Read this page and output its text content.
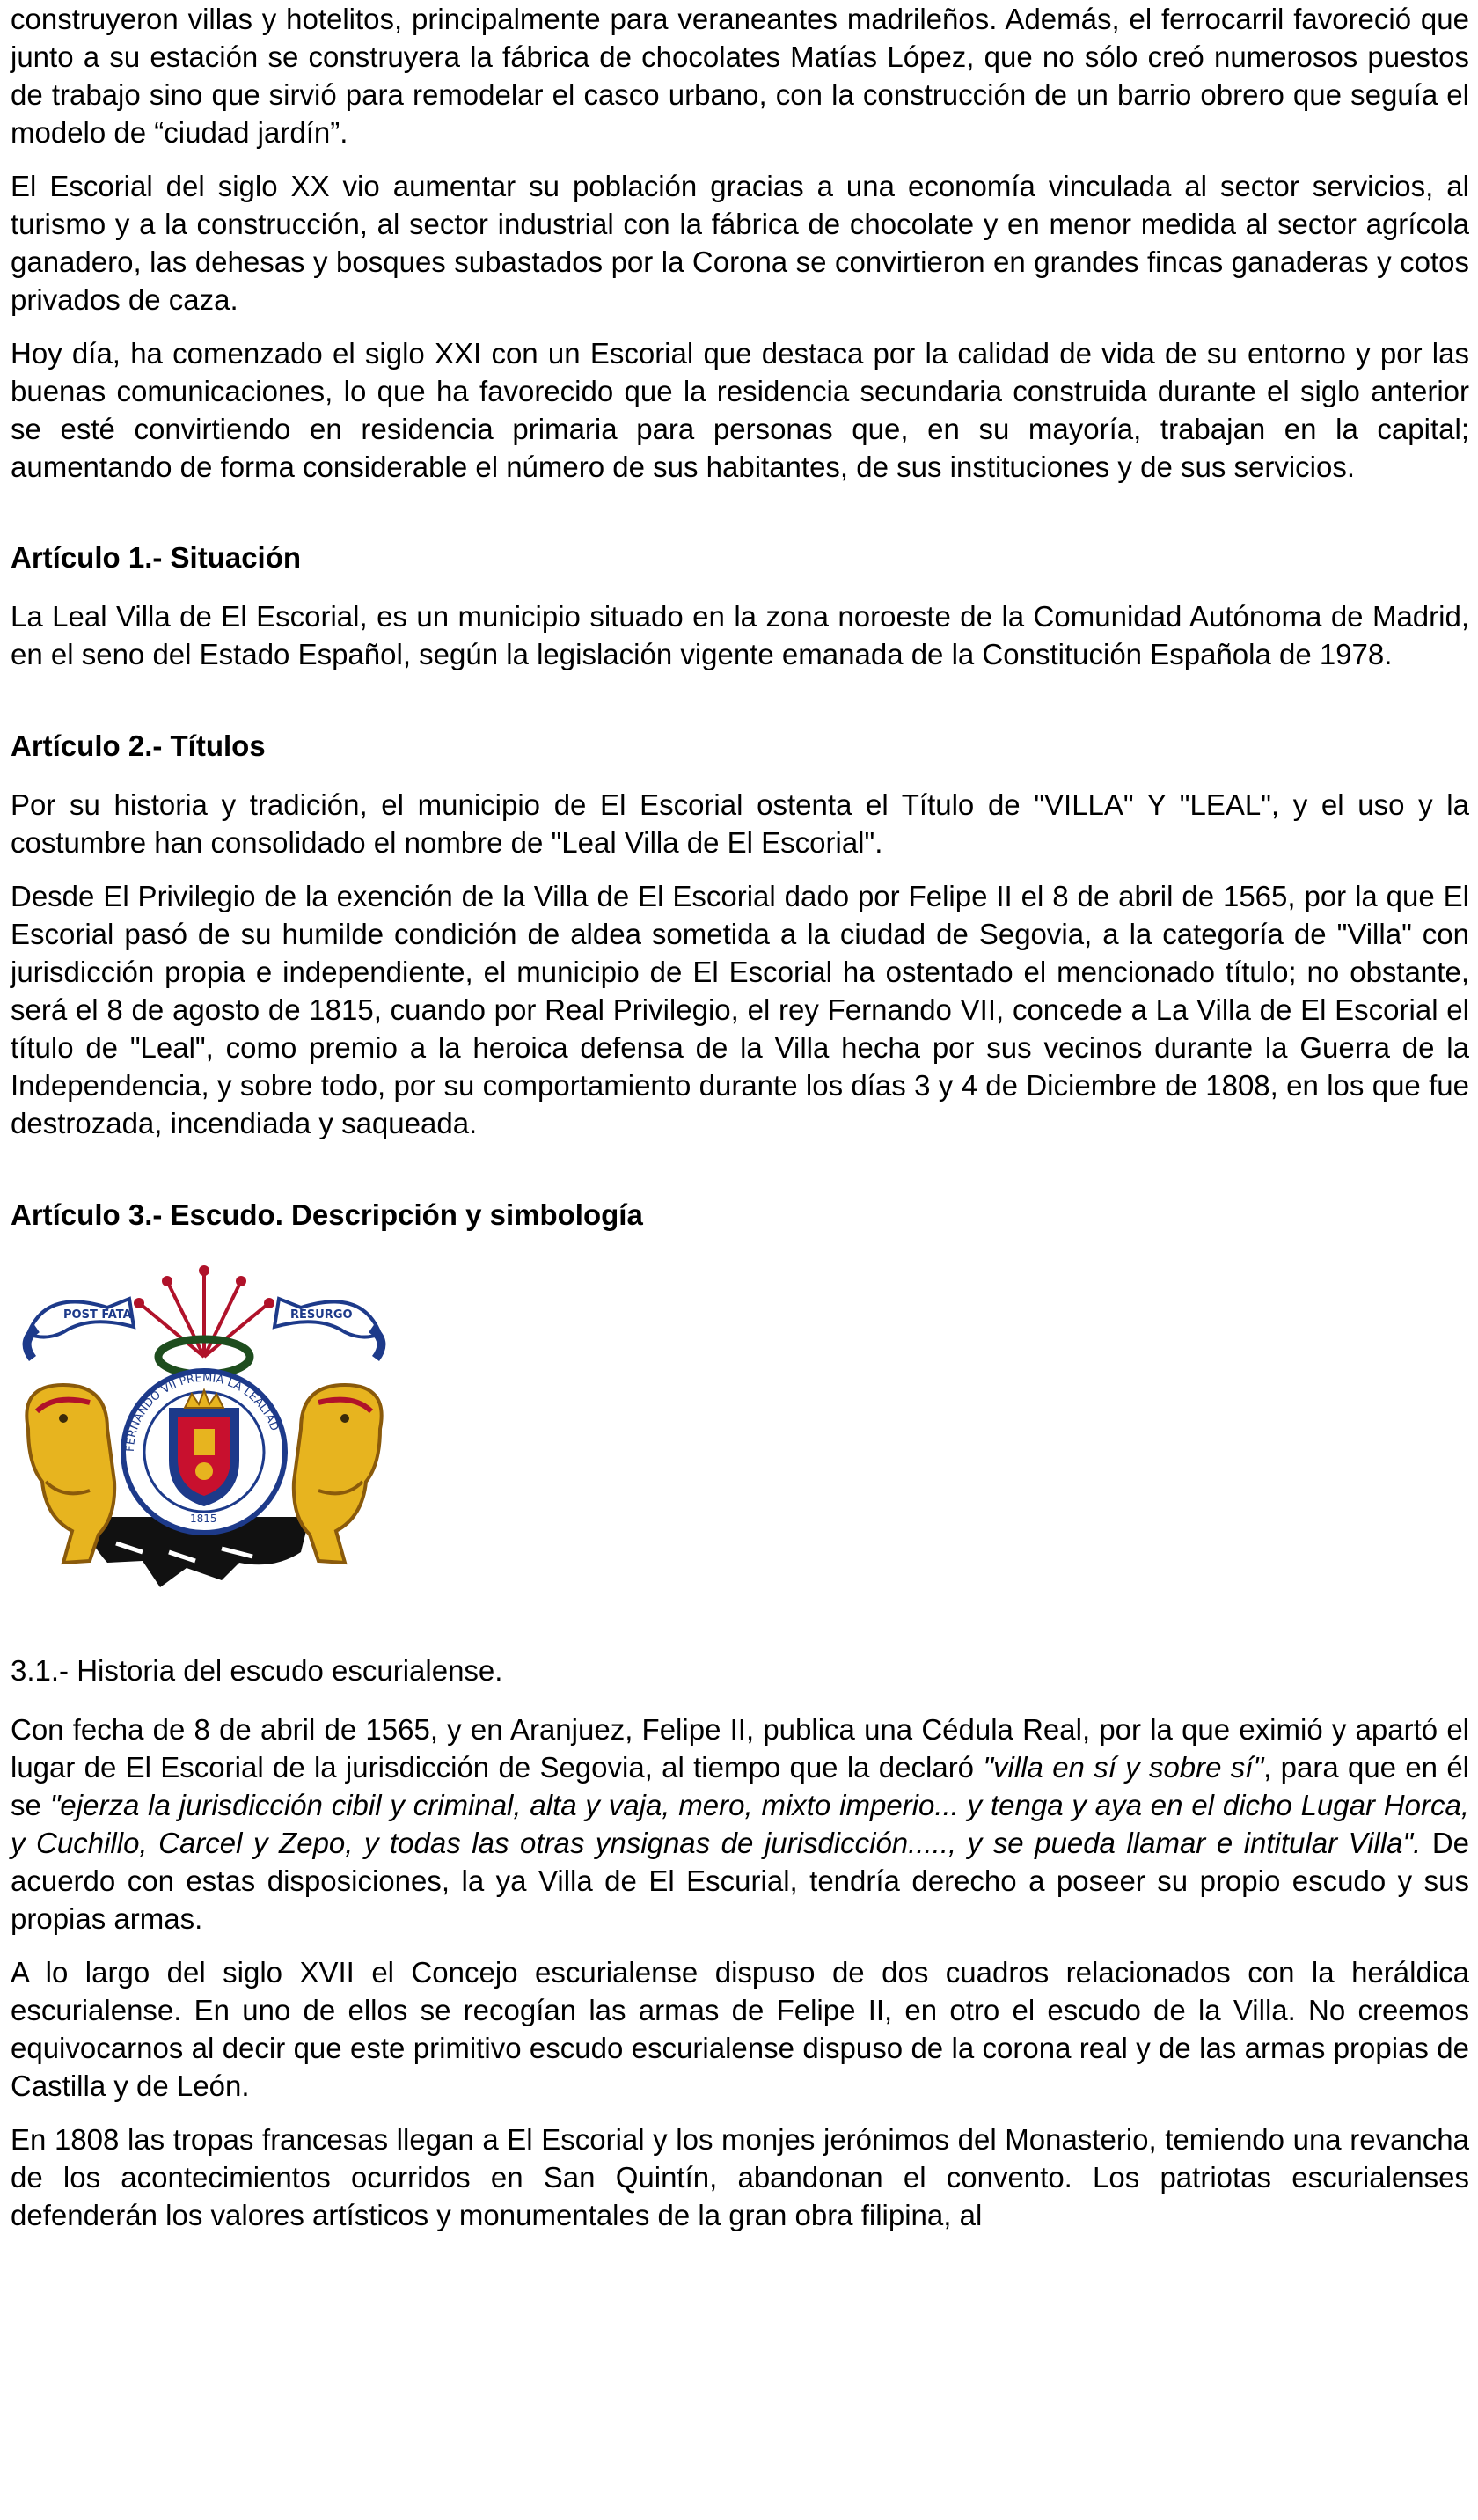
construyeron villas y hotelitos, principalmente para veraneantes madrileños. Además, el ferrocarril favoreció que junto a su estación se construyera la fábrica de chocolates Matías López, que no sólo creó numerosos puestos de trabajo sino que sirvió para remodelar el casco urbano, con la construcción de un barrio obrero que seguía el modelo de “ciudad jardín”.

El Escorial del siglo XX vio aumentar su población gracias a una economía vinculada al sector servicios, al turismo y a la construcción, al sector industrial con la fábrica de chocolate y en menor medida al sector agrícola ganadero, las dehesas y bosques subastados por la Corona se convirtieron en grandes fincas ganaderas y cotos privados de caza.

Hoy día, ha comenzado el siglo XXI con un Escorial que destaca por la calidad de vida de su entorno y por las buenas comunicaciones, lo que ha favorecido que la residencia secundaria construida durante el siglo anterior se esté convirtiendo en residencia primaria para personas que, en su mayoría, trabajan en la capital; aumentando de forma considerable el número de sus habitantes, de sus instituciones y de sus servicios.

Artículo 1.- Situación

La Leal Villa de El Escorial, es un municipio situado en la zona noroeste de la Comunidad Autónoma de Madrid, en el seno del Estado Español, según la legislación vigente emanada de la Constitución Española de 1978.

Artículo 2.- Títulos

Por su historia y tradición, el municipio de El Escorial ostenta el Título de "VILLA" Y "LEAL", y el uso y la costumbre han consolidado el nombre de "Leal Villa de El Escorial".

Desde El Privilegio de la exención de la Villa de El Escorial dado por Felipe II el 8 de abril de 1565, por la que El Escorial pasó de su humilde condición de aldea sometida a la ciudad de Segovia, a la categoría de "Villa" con jurisdicción propia e independiente, el municipio de El Escorial ha ostentado el mencionado título; no obstante, será el 8 de agosto de 1815, cuando por Real Privilegio, el rey Fernando VII, concede a La Villa de El Escorial el título de "Leal", como premio a la heroica defensa de la Villa hecha por sus vecinos durante la Guerra de la Independencia, y sobre todo, por su comportamiento durante los días 3 y 4 de Diciembre de 1808, en los que fue destrozada, incendiada y saqueada.

Artículo 3.- Escudo. Descripción y simbología
POST FATA	RESURGO
FERNANDO VII PREMIA LA LEALTAD
1815

3.1.- Historia del escudo escurialense.

Con fecha de 8 de abril de 1565, y en Aranjuez, Felipe II, publica una Cédula Real, por la que eximió y apartó el lugar de El Escorial de la jurisdicción de Segovia, al tiempo que la declaró "villa en sí y sobre sí", para que en él se "ejerza la jurisdicción cibil y criminal, alta y vaja, mero, mixto imperio... y tenga y aya en el dicho Lugar Horca, y Cuchillo, Carcel y Zepo, y todas las otras ynsignas de jurisdicción....., y se pueda llamar e intitular Villa". De acuerdo con estas disposiciones, la ya Villa de El Escurial, tendría derecho a poseer su propio escudo y sus propias armas.

A lo largo del siglo XVII el Concejo escurialense dispuso de dos cuadros relacionados con la heráldica escurialense. En uno de ellos se recogían las armas de Felipe II, en otro el escudo de la Villa. No creemos equivocarnos al decir que este primitivo escudo escurialense dispuso de la corona real y de las armas propias de Castilla y de León.

En 1808 las tropas francesas llegan a El Escorial y los monjes jerónimos del Monasterio, temiendo una revancha de los acontecimientos ocurridos en San Quintín, abandonan el convento. Los patriotas escurialenses defenderán los valores artísticos y monumentales de la gran obra filipina, al
